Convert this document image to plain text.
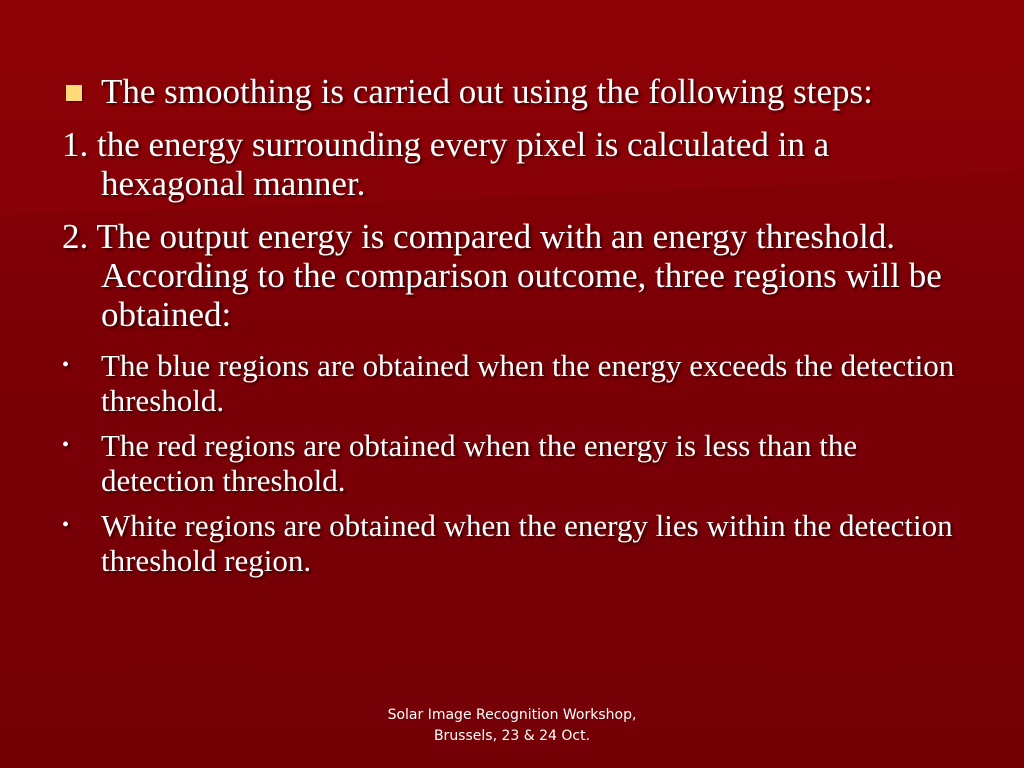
The smoothing is carried out using the following steps:
1. the energy surrounding every pixel is calculated in a hexagonal manner.
2. The output energy is compared with an energy threshold. According to the comparison outcome, three regions will be obtained:
• The blue regions are obtained when the energy exceeds the detection threshold.
• The red regions are obtained when the energy is less than the detection threshold.
• White regions are obtained when the energy lies within the detection threshold region.
Solar Image Recognition Workshop,
Brussels, 23 & 24 Oct.
